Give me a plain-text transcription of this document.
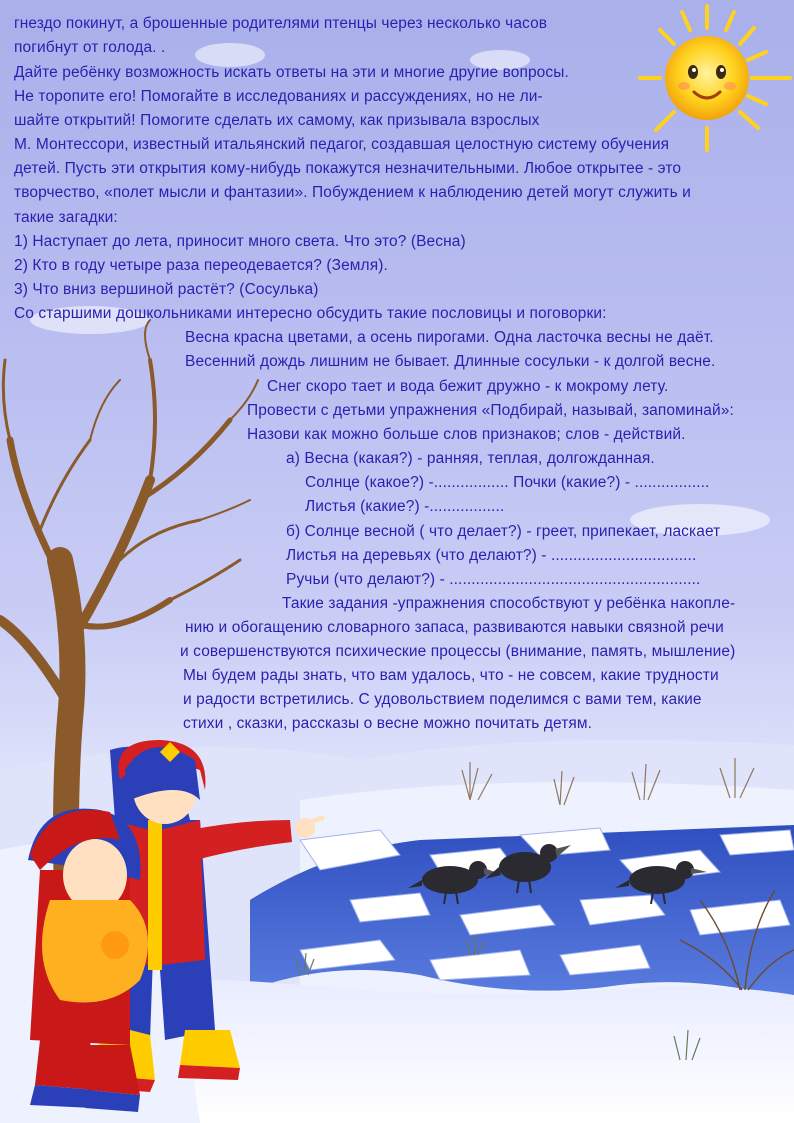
гнездо покинут, а брошенные родителями птенцы через несколько часов
погибнут от голода. .
Дайте ребёнку возможность искать ответы на эти и многие другие вопросы.
Не торопите его! Помогайте в исследованиях и рассуждениях, но не ли-
шайте открытий! Помогите сделать их самому, как призывала взрослых
М. Монтессори, известный итальянский педагог, создавшая целостную систему обучения
детей. Пусть эти открытия кому-нибудь покажутся незначительными. Любое открытее - это
творчество, «полет мысли и фантазии». Побуждением к наблюдению детей могут служить и
такие загадки:
1) Наступает до лета, приносит много света. Что это? (Весна)
2) Кто в году четыре раза переодевается? (Земля).
3) Что вниз вершиной растёт? (Сосулька)
Со старшими дошкольниками интересно обсудить такие пословицы и поговорки:
Весна красна цветами, а осень пирогами. Одна ласточка весны не даёт.
Весенний дождь лишним не бывает. Длинные сосульки - к долгой весне.
Снег скоро тает и вода бежит дружно - к мокрому лету.
Провести с детьми упражнения «Подбирай, называй, запоминай»:
Назови как можно больше слов признаков; слов - действий.
а) Весна (какая?) - ранняя, теплая, долгожданная.
Солнце (какое?) -................. Почки (какие?) - .................
Листья (какие?) -.................
б) Солнце весной ( что делает?) - греет, припекает, ласкает
Листья на деревьях (что делают?) - .................................
Ручьи (что делают?) - .........................................................
Такие задания -упражнения способствуют у ребёнка накопле-
нию и обогащению словарного запаса, развиваются навыки связной речи
и совершенствуются психические процессы (внимание, память, мышление)
Мы будем рады знать, что вам удалось, что - не совсем, какие трудности
и радости встретились. С удовольствием поделимся с вами тем, какие
стихи , сказки, рассказы о весне можно почитать детям.
